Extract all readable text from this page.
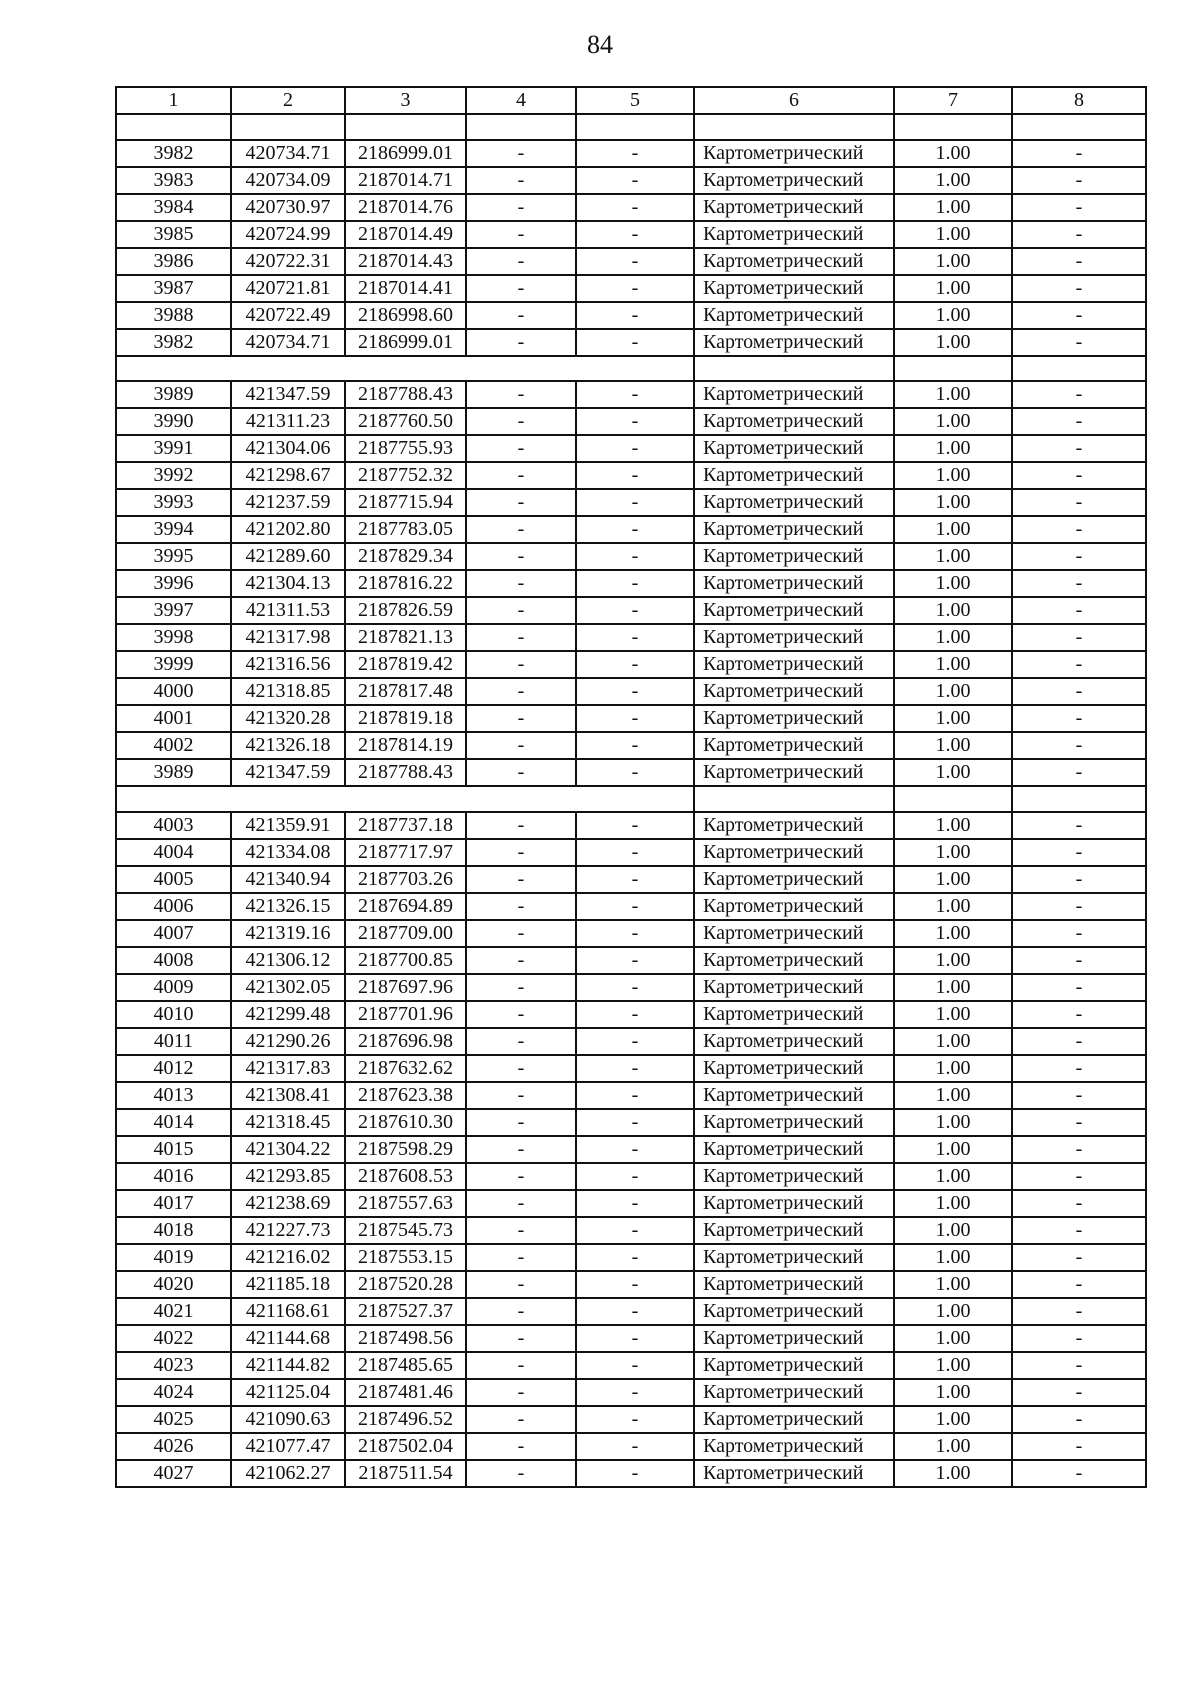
84
1	2	3	4	5	6	7	8

3982	420734.71	2186999.01	-	-	Картометрический	1.00	-
3983	420734.09	2187014.71	-	-	Картометрический	1.00	-
3984	420730.97	2187014.76	-	-	Картометрический	1.00	-
3985	420724.99	2187014.49	-	-	Картометрический	1.00	-
3986	420722.31	2187014.43	-	-	Картометрический	1.00	-
3987	420721.81	2187014.41	-	-	Картометрический	1.00	-
3988	420722.49	2186998.60	-	-	Картометрический	1.00	-
3982	420734.71	2186999.01	-	-	Картометрический	1.00	-

3989	421347.59	2187788.43	-	-	Картометрический	1.00	-
3990	421311.23	2187760.50	-	-	Картометрический	1.00	-
3991	421304.06	2187755.93	-	-	Картометрический	1.00	-
3992	421298.67	2187752.32	-	-	Картометрический	1.00	-
3993	421237.59	2187715.94	-	-	Картометрический	1.00	-
3994	421202.80	2187783.05	-	-	Картометрический	1.00	-
3995	421289.60	2187829.34	-	-	Картометрический	1.00	-
3996	421304.13	2187816.22	-	-	Картометрический	1.00	-
3997	421311.53	2187826.59	-	-	Картометрический	1.00	-
3998	421317.98	2187821.13	-	-	Картометрический	1.00	-
3999	421316.56	2187819.42	-	-	Картометрический	1.00	-
4000	421318.85	2187817.48	-	-	Картометрический	1.00	-
4001	421320.28	2187819.18	-	-	Картометрический	1.00	-
4002	421326.18	2187814.19	-	-	Картометрический	1.00	-
3989	421347.59	2187788.43	-	-	Картометрический	1.00	-

4003	421359.91	2187737.18	-	-	Картометрический	1.00	-
4004	421334.08	2187717.97	-	-	Картометрический	1.00	-
4005	421340.94	2187703.26	-	-	Картометрический	1.00	-
4006	421326.15	2187694.89	-	-	Картометрический	1.00	-
4007	421319.16	2187709.00	-	-	Картометрический	1.00	-
4008	421306.12	2187700.85	-	-	Картометрический	1.00	-
4009	421302.05	2187697.96	-	-	Картометрический	1.00	-
4010	421299.48	2187701.96	-	-	Картометрический	1.00	-
4011	421290.26	2187696.98	-	-	Картометрический	1.00	-
4012	421317.83	2187632.62	-	-	Картометрический	1.00	-
4013	421308.41	2187623.38	-	-	Картометрический	1.00	-
4014	421318.45	2187610.30	-	-	Картометрический	1.00	-
4015	421304.22	2187598.29	-	-	Картометрический	1.00	-
4016	421293.85	2187608.53	-	-	Картометрический	1.00	-
4017	421238.69	2187557.63	-	-	Картометрический	1.00	-
4018	421227.73	2187545.73	-	-	Картометрический	1.00	-
4019	421216.02	2187553.15	-	-	Картометрический	1.00	-
4020	421185.18	2187520.28	-	-	Картометрический	1.00	-
4021	421168.61	2187527.37	-	-	Картометрический	1.00	-
4022	421144.68	2187498.56	-	-	Картометрический	1.00	-
4023	421144.82	2187485.65	-	-	Картометрический	1.00	-
4024	421125.04	2187481.46	-	-	Картометрический	1.00	-
4025	421090.63	2187496.52	-	-	Картометрический	1.00	-
4026	421077.47	2187502.04	-	-	Картометрический	1.00	-
4027	421062.27	2187511.54	-	-	Картометрический	1.00	-
